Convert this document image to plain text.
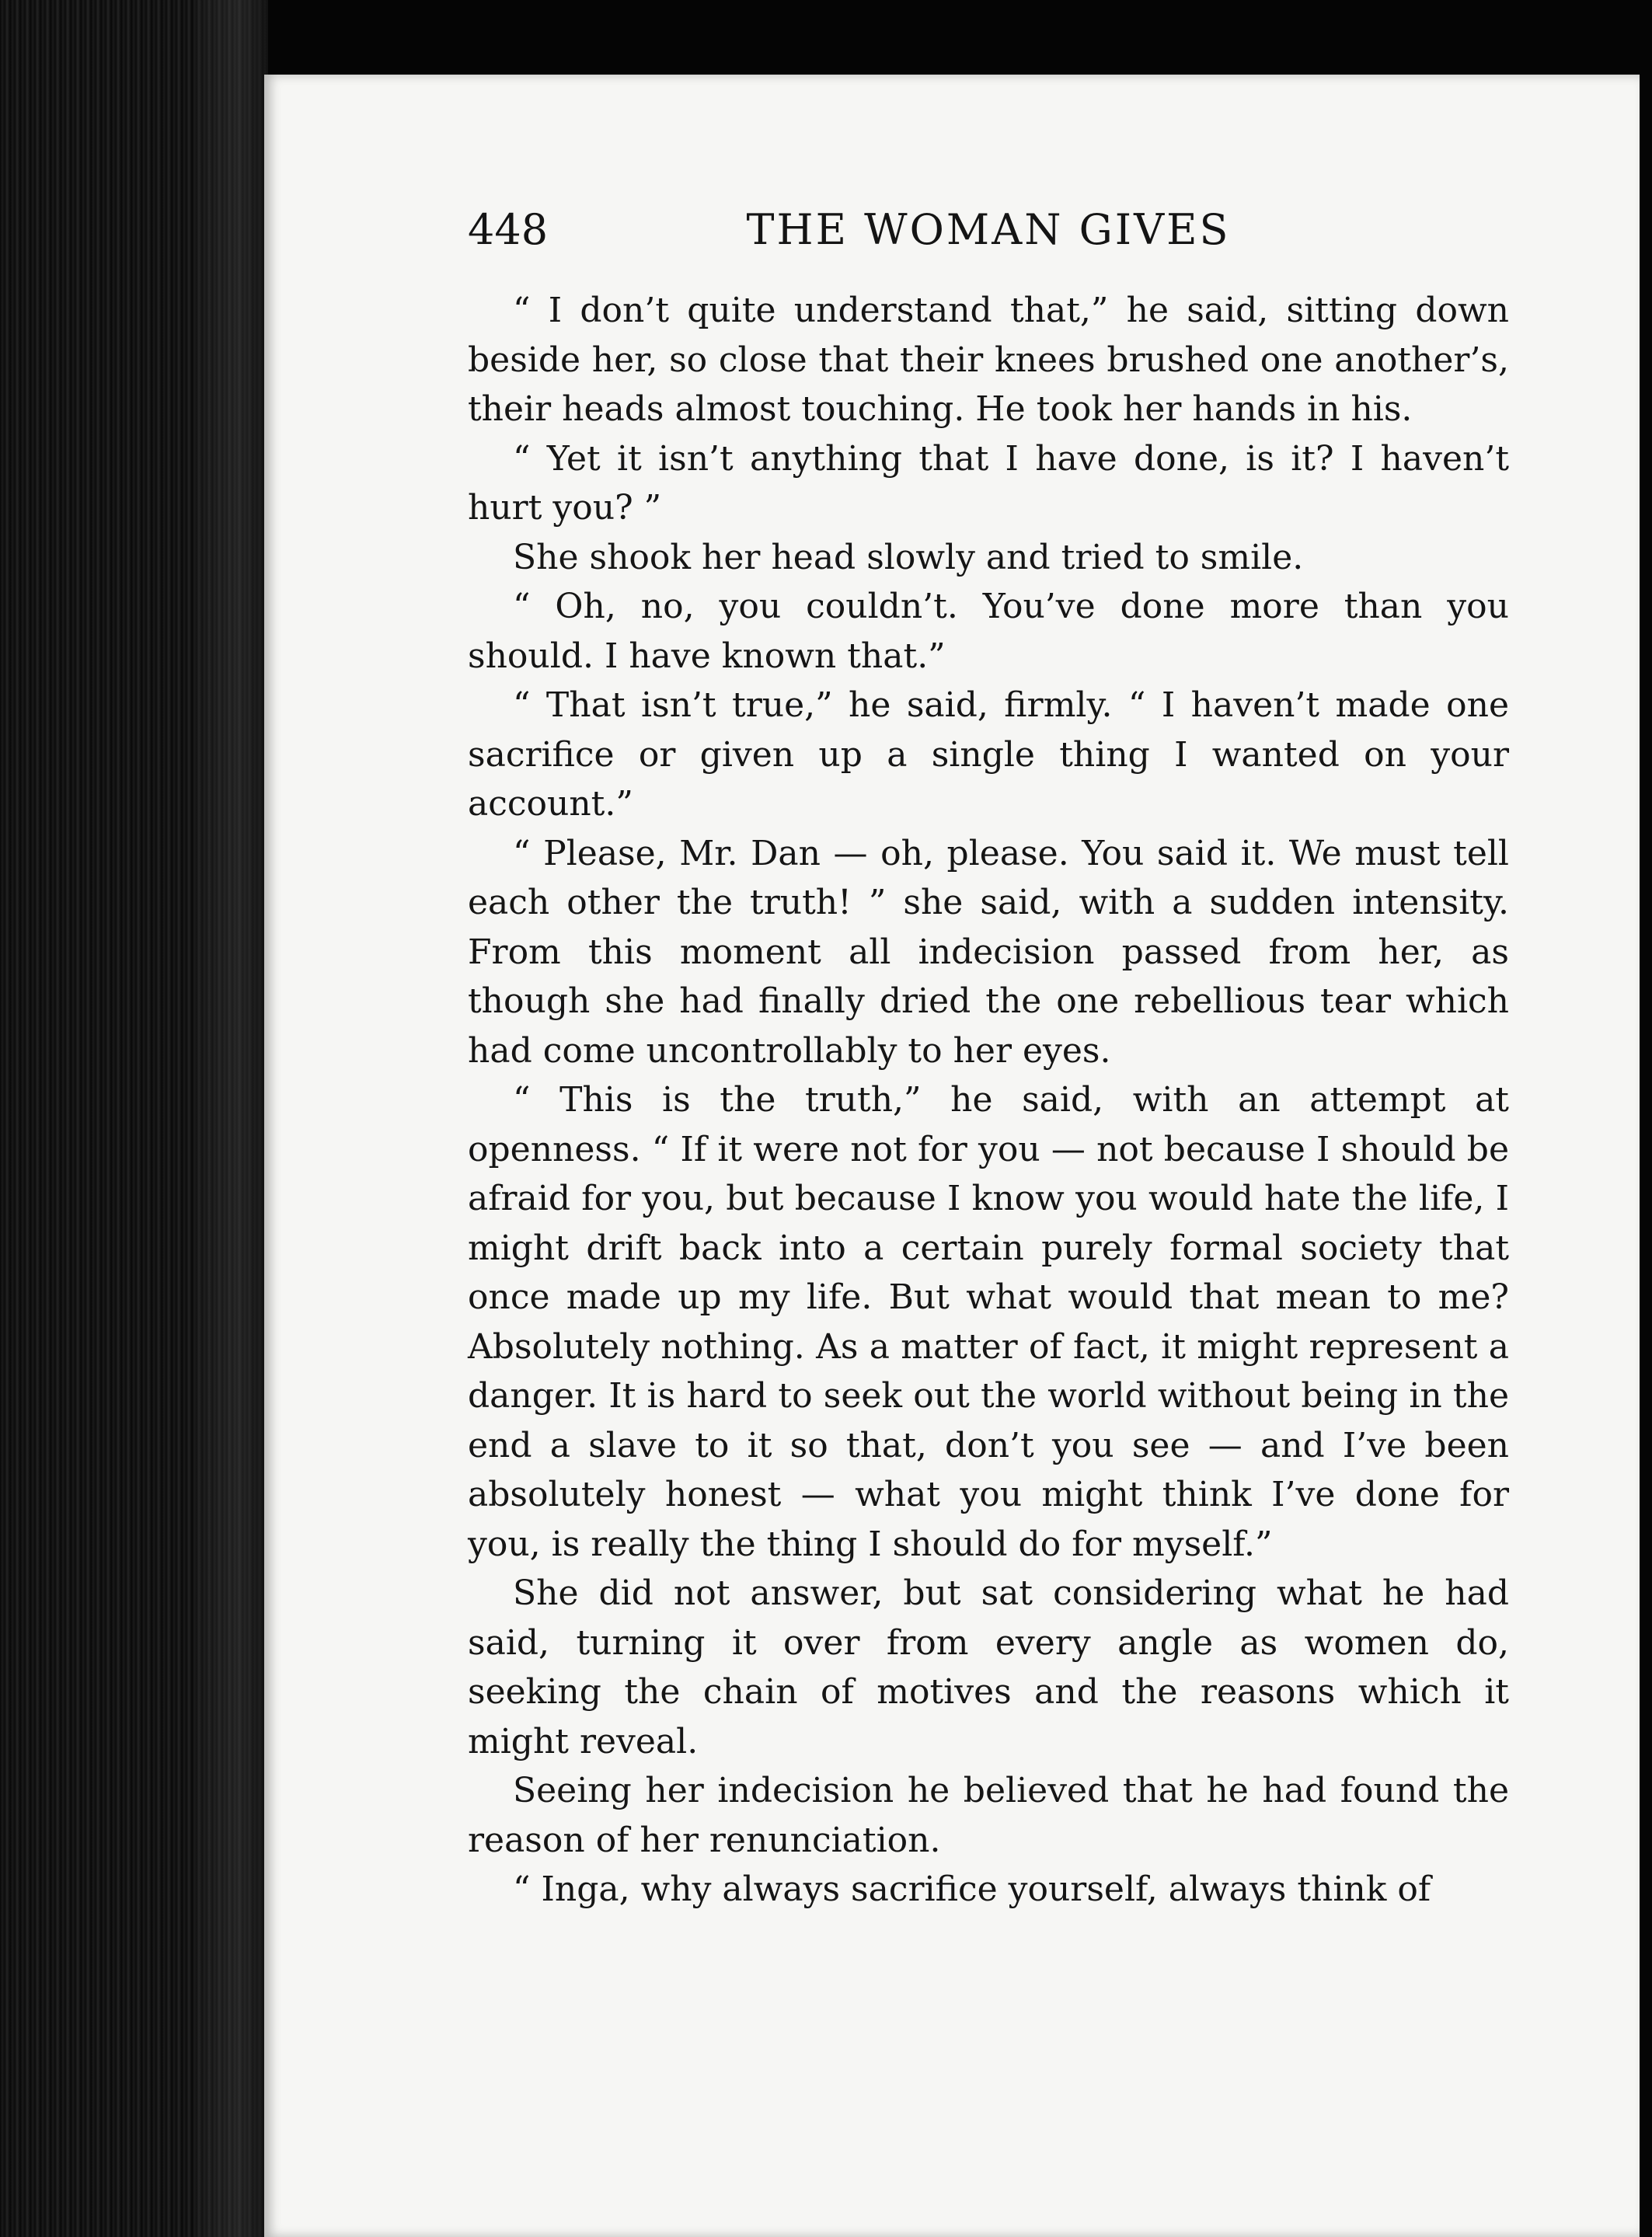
448	THE WOMAN GIVES

“ I don’t quite understand that,” he said, sitting down beside her, so close that their knees brushed one another’s, their heads almost touching. He took her hands in his.

“ Yet it isn’t anything that I have done, is it? I haven’t hurt you? ”

She shook her head slowly and tried to smile.

“ Oh, no, you couldn’t. You’ve done more than you should. I have known that.”

“ That isn’t true,” he said, firmly. “ I haven’t made one sacrifice or given up a single thing I wanted on your account.”

“ Please, Mr. Dan — oh, please. You said it. We must tell each other the truth! ” she said, with a sudden intensity. From this moment all indecision passed from her, as though she had finally dried the one rebellious tear which had come uncontrollably to her eyes.

“ This is the truth,” he said, with an attempt at openness. “ If it were not for you — not because I should be afraid for you, but because I know you would hate the life, I might drift back into a certain purely formal society that once made up my life. But what would that mean to me? Absolutely nothing. As a matter of fact, it might represent a danger. It is hard to seek out the world without being in the end a slave to it so that, don’t you see — and I’ve been absolutely honest — what you might think I’ve done for you, is really the thing I should do for myself.”

She did not answer, but sat considering what he had said, turning it over from every angle as women do, seeking the chain of motives and the reasons which it might reveal.

Seeing her indecision he believed that he had found the reason of her renunciation.

“ Inga, why always sacrifice yourself, always think of
